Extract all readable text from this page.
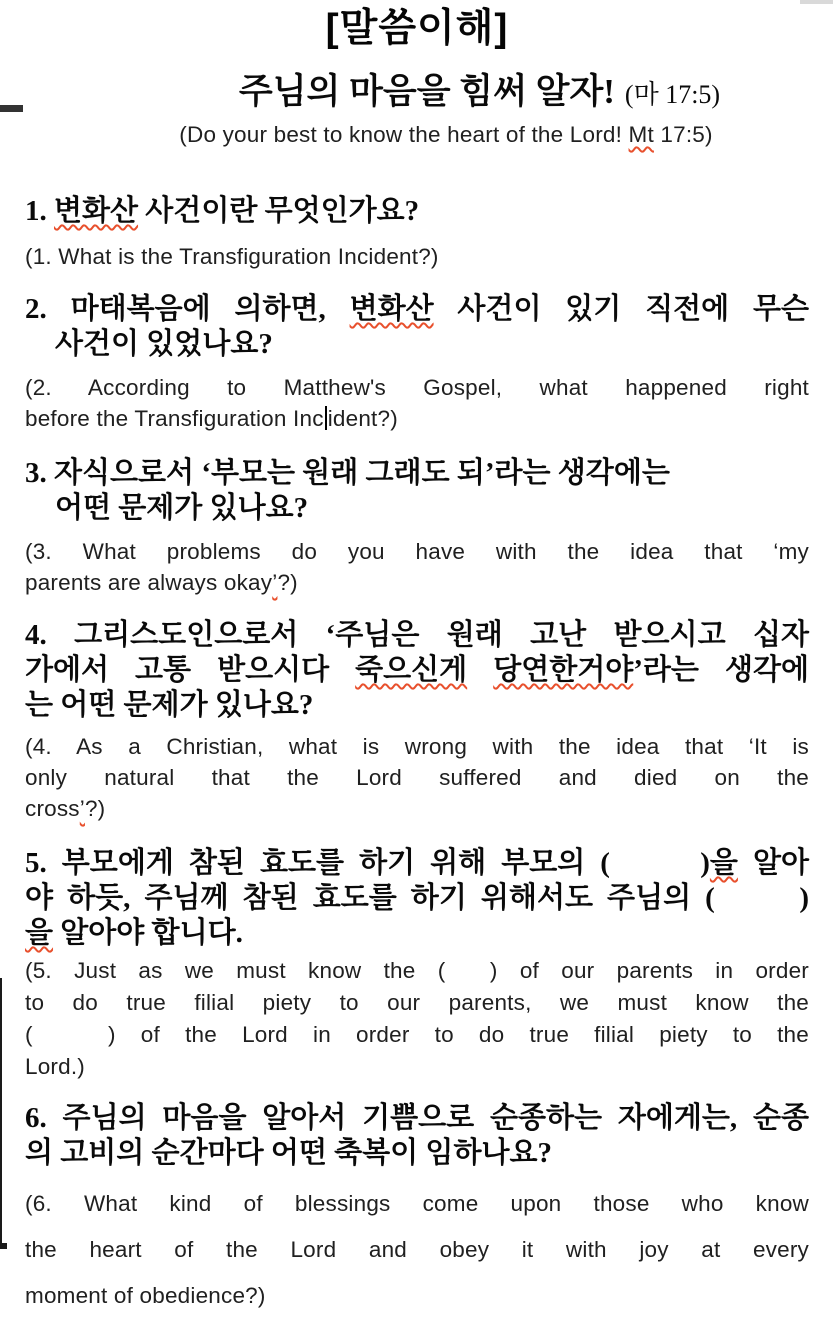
[말씀이해]
주님의 마음을 힘써 알자! (마 17:5)
(Do your best to know the heart of the Lord! Mt 17:5)
1. 변화산 사건이란 무엇인가요?
(1. What is the Transfiguration Incident?)
2. 마태복음에 의하면, 변화산 사건이 있기 직전에 무슨
사건이 있었나요?
(2. According to Matthew's Gospel, what happened right
before the Transfiguration Inc ident?)
3. 자식으로서 ‘부모는 원래 그래도 되’라는 생각에는
어떤 문제가 있나요?
(3. What problems do you have with the idea that ‘my
parents are always okay’?)
4. 그리스도인으로서 ‘주님은 원래 고난 받으시고 십자
가에서 고통 받으시다 죽으신게 당연한거야’라는 생각에
는 어떤 문제가 있나요?
(4. As a Christian, what is wrong with the idea that ‘It is
only natural that the Lord suffered and died on the
cross’?)
5. 부모에게 참된 효도를 하기 위해 부모의 (      )을 알아
야 하듯, 주님께 참된 효도를 하기 위해서도 주님의 (      )
을 알아야 합니다.
(5. Just as we must know the (  ) of our parents in order
to do true filial piety to our parents, we must know the
(   ) of the Lord in order to do true filial piety to the
Lord.)
6. 주님의 마음을 알아서 기쁨으로 순종하는 자에게는, 순종
의 고비의 순간마다 어떤 축복이 임하나요?
(6. What kind of blessings come upon those who know
the heart of the Lord and obey it with joy at every
moment of obedience?)
